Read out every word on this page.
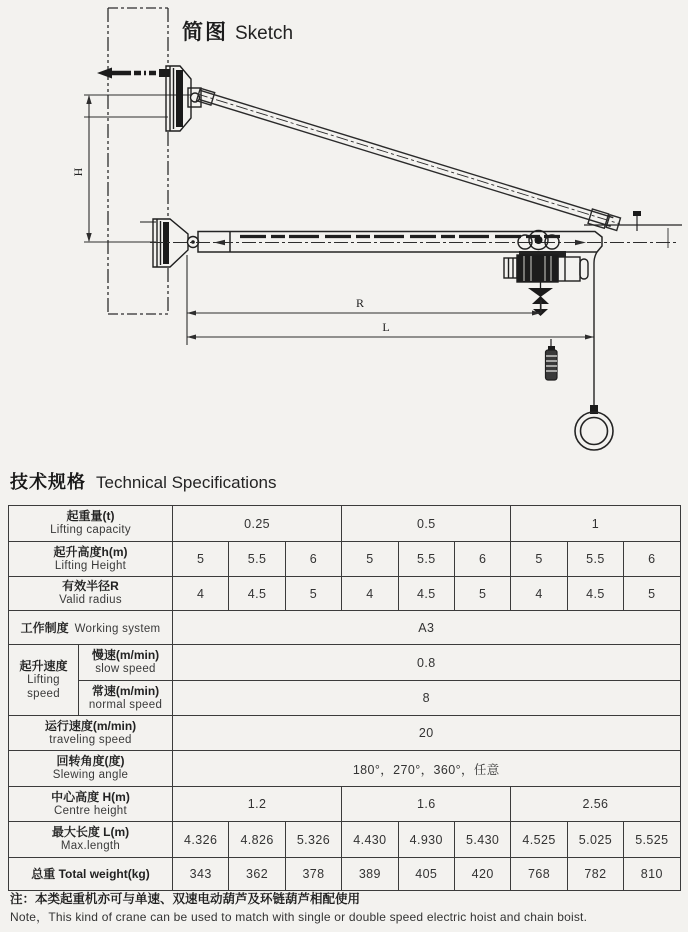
简图 Sketch
H
R
L
技术规格 Technical Specifications
起重量(t)
Lifting capacity		0.25			0.5			1		

起升高度h(m)
Lifting Height		5	5.5	6	5	5.5	6	5	5.5	6

有效半径R
Valid radius		4	4.5	5	4	4.5	5	4	4.5	5
工作制度 Working system		A3								

起升速度
Lifting speed

慢速(m/min)
slow speed	0.8

	常速(m/min)
normal speed	8								

运行速度(m/min)
traveling speed		20								

回转角度(度)
Slewing angle		180°，270°，360°，任意								

中心高度 H(m)
Centre height		1.2			1.6			2.56		

最大长度 L(m)
Max.length		4.326	4.826	5.326	4.430	4.930	5.430	4.525	5.025	5.525
总重 Total weight(kg)		343	362	378	389	405	420	768	782	810
注：本类起重机亦可与单速、双速电动葫芦及环链葫芦相配使用
Note，This kind of crane can be used to match with single or double speed electric hoist and chain boist.
